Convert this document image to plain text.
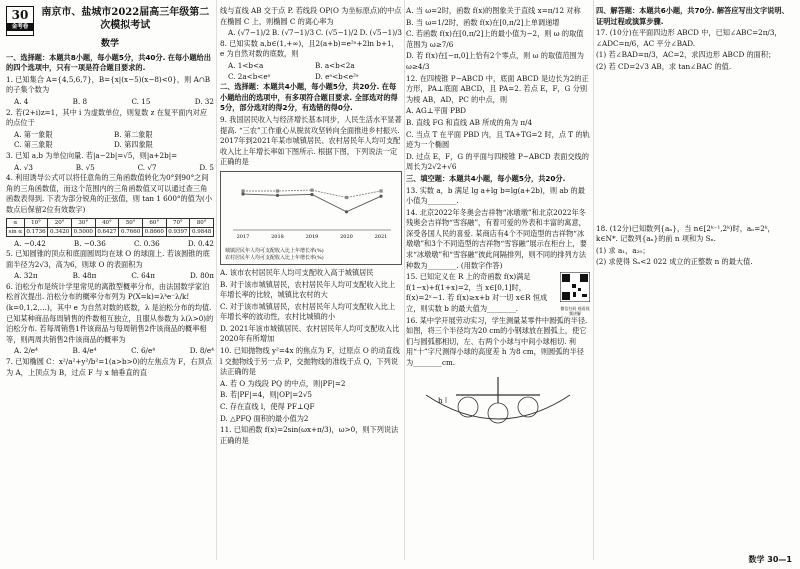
30
金考卷
南京市、盐城市2022届高三年级第二次模拟考试
数学

一、选择题：本题共8小题，每小题5分，共40分. 在每小题给出的四个选项中，只有一项是符合题目要求的.

1. 已知集合 A={4,5,6,7}，B={x|(x−5)(x−8)<0}，则 A∩B 的子集个数为

A. 4	B. 8	C. 15	D. 32

2. 若(2+i)z=1，其中 i 为虚数单位，则复数 z 在复平面内对应的点位于

A. 第一象限	B. 第二象限
C. 第三象限	D. 第四象限

3. 已知 a,b 为单位向量. 若|a−2b|=√5，则|a+2b|=

A. √3	B. √5	C. √7	D. 5

4. 利用诱导公式可以将任意角的三角函数值转化为0°到90°之间角的三角函数值，而这个范围内的三角函数值又可以通过查三角函数表得到. 下表为部分锐角的正弦值，则 tan 1 600°的值为(小数点后保留2位有效数字)

α	10°	20°	30°	40°	50°	60°	70°	80°
sin α	0.1736	0.3420	0.5000	0.6427	0.7660	0.8660	0.9397	0.9848
A. −0.42	B. −0.36	C. 0.36	D. 0.42

5. 已知圆锥的顶点和底面圆周均在球 O 的球面上. 若该圆锥的底面半径为2√3，高为6，则球 O 的表面积为

A. 32π	B. 48π	C. 64π	D. 80π

6. 泊松分布是统计学里常见的离散型概率分布，由法国数学家泊松首次提出. 泊松分布的概率分布列为 P(X=k)=λᵏe⁻λ/k!(k=0,1,2,…)，其中 e 为自然对数的底数，λ 是泊松分布的均值. 已知某种商品每周销售的件数相互独立，且服从参数为 λ(λ>0)的泊松分布. 若每周销售1件该商品与每周销售2件该商品的概率相等，则两周共销售2件该商品的概率为

A. 2/e⁴	B. 4/e⁴	C. 6/e⁴	D. 8/e⁴

7. 已知椭圆 C：x²/a²+y²/b²=1(a>b>0)的左焦点为 F，右顶点为 A，上顶点为 B，过点 F 与 x 轴垂直的直

线与直线 AB 交于点 P. 若线段 OP(O 为坐标原点)的中点在椭圆 C 上，则椭圆 C 的离心率为

A. (√7−1)/2 B. (√7−1)/3 C. (√5−1)/2 D. (√5−1)/3

8. 已知实数 a,b∈(1,+∞)，且2(a+b)=e²ᵃ+2ln b+1，e 为自然对数的底数，则

A. 1<b<a	B. a<b<2a
C. 2a<b<eᵃ	D. eᵃ<b<e²ᵃ

二、选择题：本题共4小题，每小题5分，共20分. 在每小题给出的选项中，有多项符合题目要求. 全部选对的得5分，部分选对的得2分，有选错的得0分.

9. 我国居民收入与经济增长基本同步，人民生活水平显著提高. “三农”工作重心从脱贫攻坚转向全面推进乡村振兴. 2017年到2021年某市城镇居民、农村居民年人均可支配收入比上年增长率如下图所示. 根据下图，下列说法一定正确的是

2017	2018	2019	2020	2021
城镇居民年人均可支配收入比上年增长率(%)
农村居民年人均可支配收入比上年增长率(%)

A. 该市农村居民年人均可支配收入高于城镇居民

B. 对于该市城镇居民，农村居民年人均可支配收入比上年增长率的比较，城镇比农村的大

C. 对于该市城镇居民，农村居民年人均可支配收入比上年增长率的波动性，农村比城镇的小

D. 2021年该市城镇居民、农村居民年人均可支配收入比2020年有所增加

10. 已知抛物线 y²=4x 的焦点为 F，过原点 O 的动直线 l 交抛物线于另一点 P，交抛物线的准线于点 Q，下列说法正确的是

A. 若 O 为线段 PQ 的中点，则|PF|=2

B. 若|PF|=4，则|OP|=2√5

C. 存在直线 l，使得 PF⊥QF

D. △PFQ 面积的最小值为2

11. 已知函数 f(x)=2sin(ωx+π/3)，ω>0，则下列说法正确的是

A. 当 ω=2时，函数 f(x)的图象关于直线 x=π/12 对称

B. 当 ω=1/2时，函数 f(x)在[0,π/2]上单调递增

C. 若函数 f(x)在[0,π/2]上的最小值为−2，则 ω 的取值范围为 ω≥7/6

D. 若 f(x)在[−π,0]上恰有2个零点，则 ω 的取值范围为 ω≥4/3

12. 在四棱锥 P−ABCD 中，底面 ABCD 是边长为2的正方形，PA⊥底面 ABCD，且 PA=2. 若点 E，F，G 分别为棱 AB，AD，PC 的中点，则

A. AG⊥平面 PBD

B. 直线 FG 和直线 AB 所成的角为 π/4

C. 当点 T 在平面 PBD 内，且 TA+TG=2 时，点 T 的轨迹为一个椭圆

D. 过点 E，F，G 的平面与四棱锥 P−ABCD 表面交线的周长为2√2+√6

三、填空题：本题共4小题，每小题5分，共20分.

13. 实数 a，b 满足 lg a+lg b=lg(a+2b)，则 ab 的最小值为________.

14. 北京2022年冬奥会吉祥物“冰墩墩”和北京2022年冬残奥会吉祥物“雪容融”，有着可爱的外表和丰富的寓意，深受各国人民的喜爱. 某商店有4个不同造型的吉祥物“冰墩墩”和3个不同造型的吉祥物“雪容融”展示在柜台上，要求“冰墩墩”和“雪容融”彼此间隔排列，则不同的排列方法种数为________. (用数字作答)

微信扫码 观看视频讲解

15. 已知定义在 R 上的奇函数 f(x)满足 f(1−x)+f(1+x)=2，当 x∈[0,1]时，f(x)=2ˣ−1. 若 f(x)≥x+b 对一切 x∈R 恒成立，则实数 b 的最大值为________.

16. 某中学开展劳动实习，学生测量某零件中圆弧的半径. 如图，将三个半径均为20 cm的小钢球放在圆弧上，使它们与圆弧都相切，左、右两个小球与中间小球相切. 利用“十”字尺测得小球的高度差 h 为8 cm，则圆弧的半径为________cm.

h

四、解答题：本题共6小题，共70分. 解答应写出文字说明、证明过程或演算步骤.

17. (10分)在平面四边形 ABCD 中，已知∠ABC=2π/3，∠ADC=π/6，AC 平分∠BAD.

(1) 若∠BAD=π/3，AC=2，求四边形 ABCD 的面积；

(2) 若 CD=2√3 AB，求 tan∠BAC 的值.

18. (12分)已知数列{aₙ}，当 n∈[2ᵏ⁻¹,2ᵏ)时，aₙ=2ᵏ，k∈N*. 记数列{aₙ}的前 n 项和为 Sₙ.

(1) 求 a₁，a₂₀；

(2) 求使得 Sₙ<2 022 成立的正整数 n 的最大值.

数学 30—1
